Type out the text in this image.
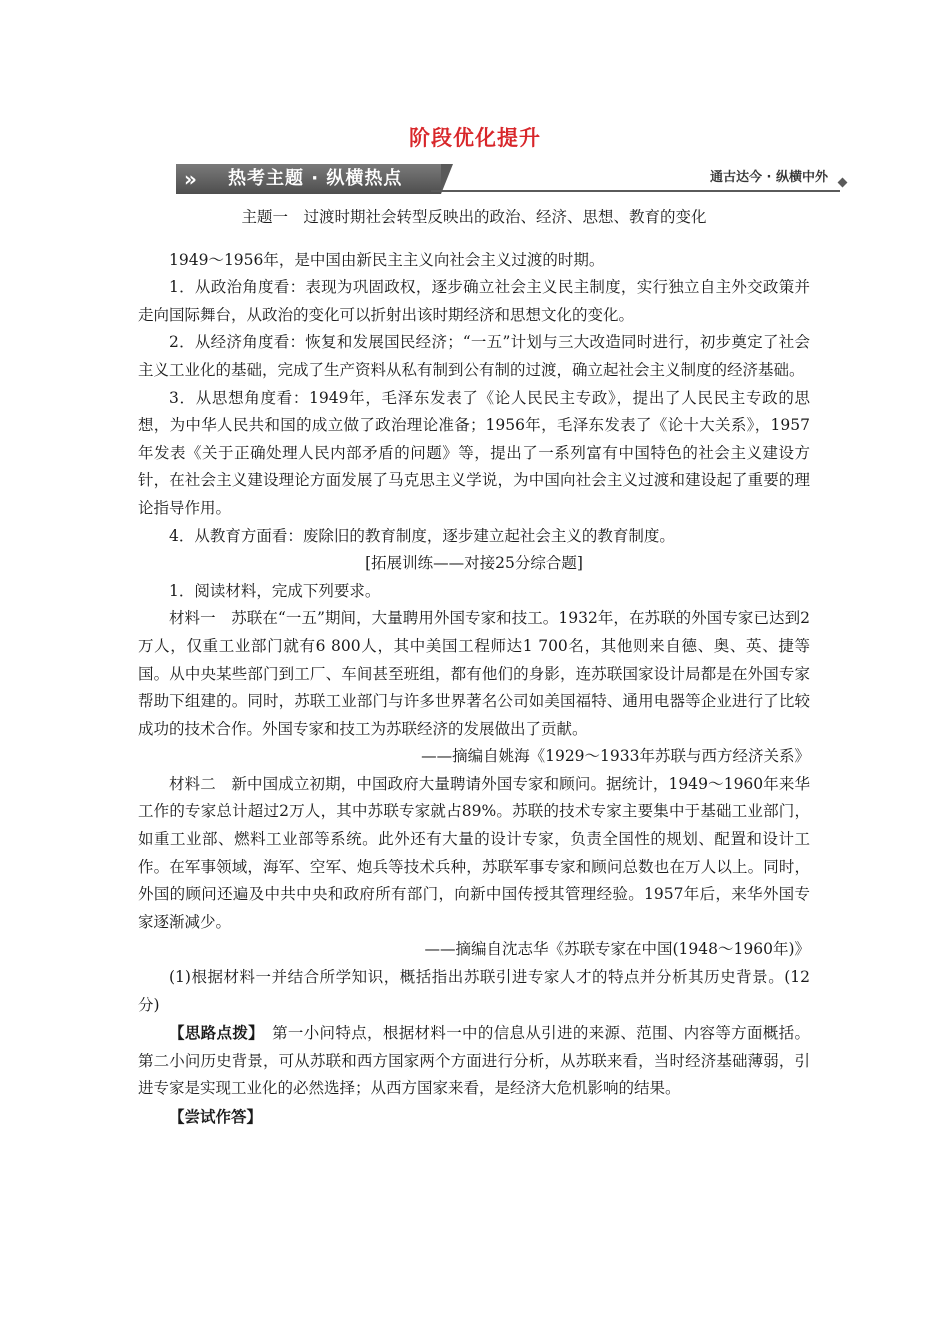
阶段优化提升
»	热考主题 · 纵横热点	通古达今 · 纵横中外

主题一　过渡时期社会转型反映出的政治、经济、思想、教育的变化

1949～1956年，是中国由新民主主义向社会主义过渡的时期。

1．从政治角度看：表现为巩固政权，逐步确立社会主义民主制度，实行独立自主外交政策并走向国际舞台，从政治的变化可以折射出该时期经济和思想文化的变化。

2．从经济角度看：恢复和发展国民经济；“一五”计划与三大改造同时进行，初步奠定了社会主义工业化的基础，完成了生产资料从私有制到公有制的过渡，确立起社会主义制度的经济基础。

3．从思想角度看：1949年，毛泽东发表了《论人民民主专政》，提出了人民民主专政的思想，为中华人民共和国的成立做了政治理论准备；1956年，毛泽东发表了《论十大关系》，1957年发表《关于正确处理人民内部矛盾的问题》等，提出了一系列富有中国特色的社会主义建设方针，在社会主义建设理论方面发展了马克思主义学说，为中国向社会主义过渡和建设起了重要的理论指导作用。

4．从教育方面看：废除旧的教育制度，逐步建立起社会主义的教育制度。

[拓展训练——对接25分综合题]

1．阅读材料，完成下列要求。

材料一　苏联在“一五”期间，大量聘用外国专家和技工。1932年，在苏联的外国专家已达到2万人，仅重工业部门就有6 800人，其中美国工程师达1 700名，其他则来自德、奥、英、捷等国。从中央某些部门到工厂、车间甚至班组，都有他们的身影，连苏联国家设计局都是在外国专家帮助下组建的。同时，苏联工业部门与许多世界著名公司如美国福特、通用电器等企业进行了比较成功的技术合作。外国专家和技工为苏联经济的发展做出了贡献。

——摘编自姚海《1929～1933年苏联与西方经济关系》

材料二　新中国成立初期，中国政府大量聘请外国专家和顾问。据统计，1949～1960年来华工作的专家总计超过2万人，其中苏联专家就占89%。苏联的技术专家主要集中于基础工业部门，如重工业部、燃料工业部等系统。此外还有大量的设计专家，负责全国性的规划、配置和设计工作。在军事领域，海军、空军、炮兵等技术兵种，苏联军事专家和顾问总数也在万人以上。同时，外国的顾问还遍及中共中央和政府所有部门，向新中国传授其管理经验。1957年后，来华外国专家逐渐减少。

——摘编自沈志华《苏联专家在中国(1948～1960年)》

(1)根据材料一并结合所学知识，概括指出苏联引进专家人才的特点并分析其历史背景。(12分)

【思路点拨】　第一小问特点，根据材料一中的信息从引进的来源、范围、内容等方面概括。第二小问历史背景，可从苏联和西方国家两个方面进行分析，从苏联来看，当时经济基础薄弱，引进专家是实现工业化的必然选择；从西方国家来看，是经济大危机影响的结果。

【尝试作答】
